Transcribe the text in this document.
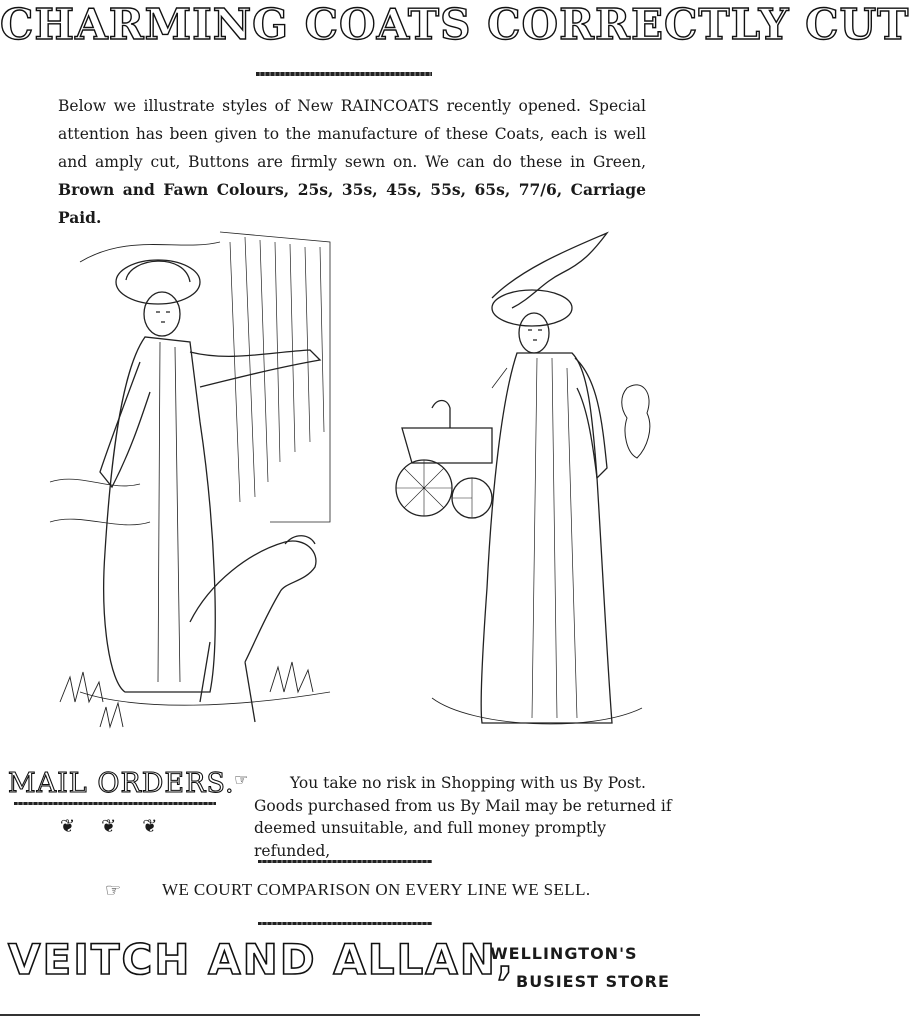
CHARMING COATS CORRECTLY CUT
Below we illustrate styles of New RAINCOATS recently opened. Special
attention has been given to the manufacture of these Coats, each is well
and amply cut, Buttons are firmly sewn on. We can do these in Green,
Brown and Fawn Colours, 25s, 35s, 45s, 55s, 65s, 77/6, Carriage Paid.
MAIL ORDERS.
❦❦❦
☞	You take no risk in Shopping with us By Post.
Goods purchased from us By Mail may be returned if
deemed unsuitable, and full money promptly refunded,
☞ WE COURT COMPARISON ON EVERY LINE WE SELL.
VEITCH AND ALLAN,
WELLINGTON'S
BUSIEST STORE
